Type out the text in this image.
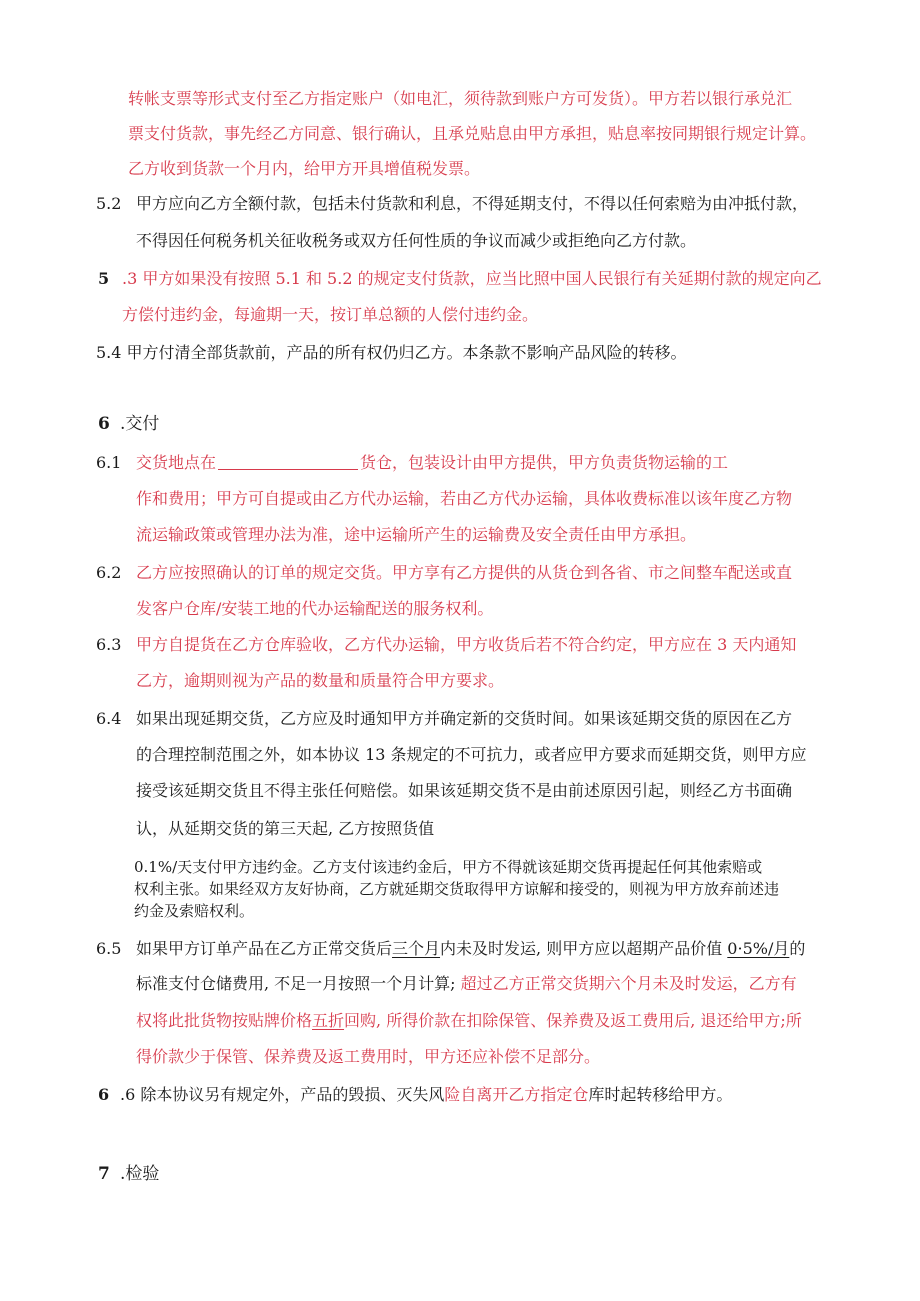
转帐支票等形式支付至乙方指定账户（如电汇，须待款到账户方可发货）。甲方若以银行承兑汇
票支付货款，事先经乙方同意、银行确认，且承兑贴息由甲方承担，贴息率按同期银行规定计算。
乙方收到货款一个月内，给甲方开具增值税发票。
5.2 甲方应向乙方全额付款，包括未付货款和利息，不得延期支付，不得以任何索赔为由冲抵付款，
不得因任何税务机关征收税务或双方任何性质的争议而减少或拒绝向乙方付款。
5 .3 甲方如果没有按照 5.1 和 5.2 的规定支付货款，应当比照中国人民银行有关延期付款的规定向乙
方偿付违约金，每逾期一天，按订单总额的人偿付违约金。
5.4 甲方付清全部货款前，产品的所有权仍归乙方。本条款不影响产品风险的转移。
6 .交付
6.1 交货地点在	货仓，包装设计由甲方提供，甲方负责货物运输的工
作和费用；甲方可自提或由乙方代办运输，若由乙方代办运输，具体收费标准以该年度乙方物
流运输政策或管理办法为准，途中运输所产生的运输费及安全责任由甲方承担。
6.2 乙方应按照确认的订单的规定交货。甲方享有乙方提供的从货仓到各省、市之间整车配送或直
发客户仓库/安装工地的代办运输配送的服务权利。
6.3 甲方自提货在乙方仓库验收，乙方代办运输，甲方收货后若不符合约定，甲方应在 3 天内通知
乙方，逾期则视为产品的数量和质量符合甲方要求。
6.4 如果出现延期交货，乙方应及时通知甲方并确定新的交货时间。如果该延期交货的原因在乙方
的合理控制范围之外，如本协议 13 条规定的不可抗力，或者应甲方要求而延期交货，则甲方应
接受该延期交货且不得主张任何赔偿。如果该延期交货不是由前述原因引起，则经乙方书面确
认，从延期交货的第三天起, 乙方按照货值
0.1%/天支付甲方违约金。乙方支付该违约金后，甲方不得就该延期交货再提起任何其他索赔或
权利主张。如果经双方友好协商，乙方就延期交货取得甲方谅解和接受的，则视为甲方放弃前述违
约金及索赔权利。
6.5 如果甲方订单产品在乙方正常交货后三个月内未及时发运, 则甲方应以超期产品价值 0·5%/月的
标准支付仓储费用, 不足一月按照一个月计算; 超过乙方正常交货期六个月未及时发运，乙方有
权将此批货物按贴牌价格五折回购, 所得价款在扣除保管、保养费及返工费用后, 退还给甲方;所
得价款少于保管、保养费及返工费用时，甲方还应补偿不足部分。
6 .6 除本协议另有规定外，产品的毁损、灭失风险自离开乙方指定仓库时起转移给甲方。
7 .检验
